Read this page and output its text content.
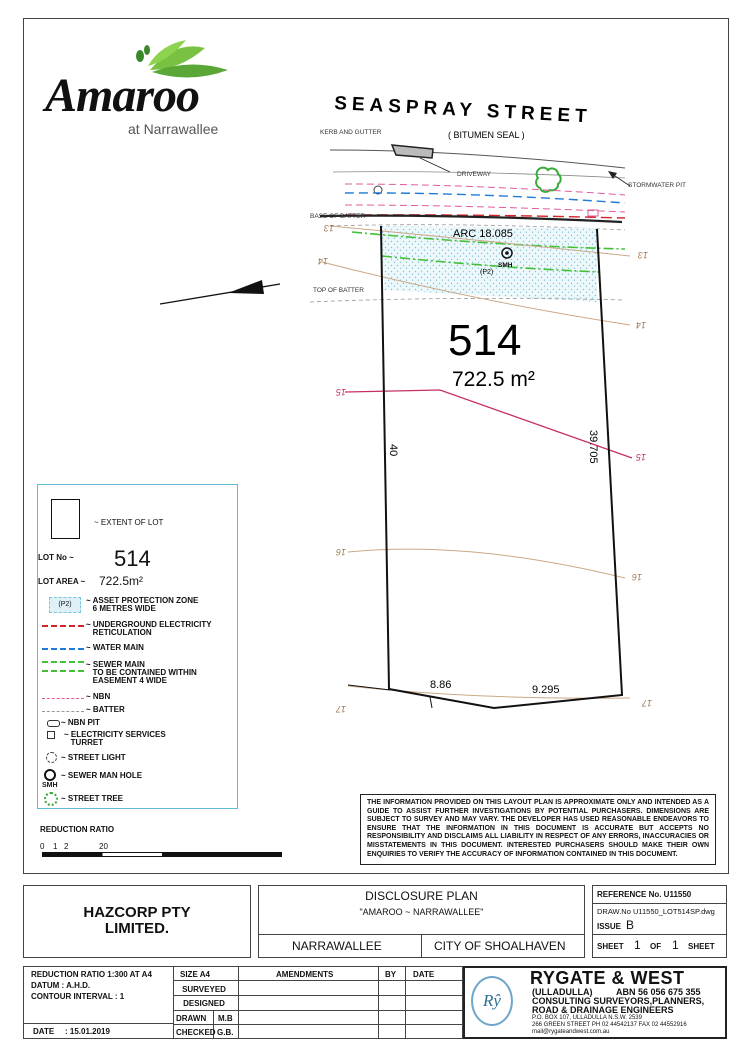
BASE OF BATTER
SMH
(P2)
ARC 18.085
TOP OF BATTER
KERB AND GUTTER
DRIVEWAY
STORMWATER PIT
13
13
14
14
15
15
16
16
17
17
514
722.5 m²
40	39.705
8.86	9.295
SEASPRAY STREET
( BITUMEN SEAL )
Amaroo
at Narrawallee
~ EXTENT OF LOT
LOT No ~ 514
LOT AREA ~ 722.5m²
(P2)	~ ASSET PROTECTION ZONE
6 METRES WIDE
~ UNDERGROUND ELECTRICITY
RETICULATION
~ WATER MAIN
~ SEWER MAIN
TO BE CONTAINED WITHIN
EASEMENT 4 WIDE
~ NBN
~ BATTER
~ NBN PIT
~ ELECTRICITY SERVICES
TURRET
~ STREET LIGHT
SMH
~ SEWER MAN HOLE
~ STREET TREE
REDUCTION RATIO
0 1 2	20
THE INFORMATION PROVIDED ON THIS LAYOUT PLAN IS APPROXIMATE ONLY AND INTENDED AS A GUIDE TO ASSIST FURTHER INVESTIGATIONS BY POTENTIAL PURCHASERS. DIMENSIONS ARE SUBJECT TO SURVEY AND MAY VARY. THE DEVELOPER HAS USED REASONABLE ENDEAVORS TO ENSURE THAT THE INFORMATION IN THIS DOCUMENT IS ACCURATE BUT ACCEPTS NO RESPONSIBILITY AND DISCLAIMS ALL LIABILITY IN RESPECT OF ANY ERRORS, INACCURACIES OR MISSTATEMENTS IN THIS DOCUMENT. INTERESTED PURCHASERS SHOULD MAKE THEIR OWN ENQUIRIES TO VERIFY THE ACCURACY OF INFORMATION CONTAINED IN THIS DOCUMENT.
HAZCORP PTY
LIMITED.
DISCLOSURE PLAN
"AMAROO ~ NARRAWALLEE"
NARRAWALLEE	CITY OF SHOALHAVEN
REFERENCE No. U11550
DRAW.No U11550_LOT514SP.dwg
ISSUE B
SHEET 1 OF 1 SHEET
REDUCTION RATIO 1:300 AT A4
DATUM : A.H.D.
CONTOUR INTERVAL : 1
DATE : 15.01.2019
SIZE A4
SURVEYED
DESIGNED
DRAWN M.B
CHECKED G.B.
AMENDMENTS	BY DATE
Rŷ
RYGATE & WEST
(ULLADULLA)	ABN 56 056 675 355
CONSULTING SURVEYORS,PLANNERS,
ROAD & DRAINAGE ENGINEERS
P.O. BOX 107, ULLADULLA N.S.W. 2539
266 GREEN STREET PH 02 44542137 FAX 02 44552916
mail@rygateandwest.com.au
